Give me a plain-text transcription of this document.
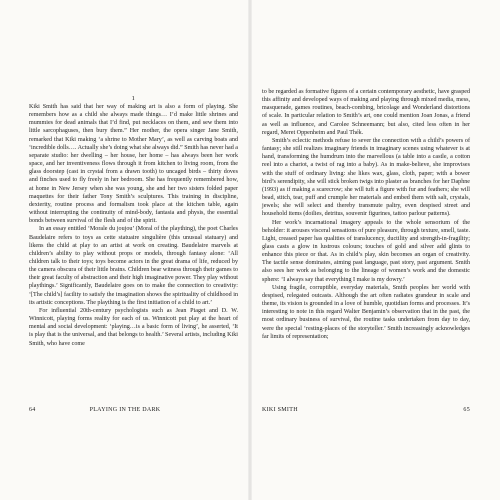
1

Kiki Smith has said that her way of making art is also a form of playing. She remembers how as a child she always made things… I’d make little shrines and mummies for dead animals that I’d find, put necklaces on them, and sew them into little sarcophaguses, then bury them.” Her mother, the opera singer Jane Smith, remarked that Kiki making ‘a shrine to Mother Mary’, as well as carving boats and ‘incredible dolls…. Actually she’s doing what she always did.” Smith has never had a separate studio: her dwelling – her house, her home – has always been her work space, and her inventiveness flows through it from kitchen to living room, from the glass doorstep (cast in crystal from a drawn tooth) to uncaged birds – thirty doves and finches used to fly freely in her bedroom. She has frequently remembered how, at home in New Jersey when she was young, she and her two sisters folded paper maquettes for their father Tony Smith’s sculptures. This training in discipline, dexterity, routine process and formalism took place at the kitchen table, again without interrupting the continuity of mind-body, fantasia and physis, the essential bonds between survival of the flesh and of the spirit.

In an essay entitled ‘Morale du joujou’ (Moral of the plaything), the poet Charles Baudelaire refers to toys as cette statuaire singulière (this unusual statuary) and likens the child at play to an artist at work on creating. Baudelaire marvels at children’s ability to play without props or models, through fantasy alone: ‘All children talk to their toys; toys become actors in the great drama of life, reduced by the camera obscura of their little brains. Children bear witness through their games to their great faculty of abstraction and their high imaginative power. They play without playthings.’ Significantly, Baudelaire goes on to make the connection to creativity: ‘[The child’s] facility to satisfy the imagination shows the spirituality of childhood in its artistic conceptions. The plaything is the first initiation of a child to art.’

For influential 20th-century psychologists such as Jean Piaget and D. W. Winnicott, playing forms reality for each of us. Winnicott put play at the heart of mental and social development: ‘playing…is a basic form of living’, he asserted, ‘It is play that is the universal, and that belongs to health.’ Several artists, including Kiki Smith, who have come

64	PLAYING IN THE DARK

to be regarded as formative figures of a certain contemporary aesthetic, have grasped this affinity and developed ways of making and playing through mixed media, mess, masquerade, games routines, beach-combing, bricolage and Wonderland distortions of scale. In particular relation to Smith’s art, one could mention Joan Jonas, a friend as well as influence, and Carolee Schneemann; but also, cited less often in her regard, Meret Oppenheim and Paul Thék.

Smith’s eclectic methods refuse to sever the connection with a child’s powers of fantasy; she still realizes imaginary friends in imaginary scenes using whatever is at hand, transforming the humdrum into the marvellous (a table into a castle, a cotton reel into a chariot, a twist of rag into a baby). As in make-believe, she improvises with the stuff of ordinary living: she likes wax, glass, cloth, paper; with a bower bird’s serendipity, she will stick broken twigs into plaster as branches for her Daphne (1993) as if making a scarecrow; she will tuft a figure with fur and feathers; she will bead, stitch, tear, puff and crumple her materials and embed them with salt, crystals, jewels; she will select and thereby transmute paltry, even despised street and household items (doilies, detritus, souvenir figurines, tattoo parlour patterns).

Her work’s incarnational imagery appeals to the whole sensorium of the beholder: it arouses visceral sensations of pure pleasure, through texture, smell, taste. Light, creased paper has qualities of translucency, ductility and strength-in-fragility; glass casts a glow in lustrous colours; touches of gold and silver add glints to enhance this piece or that. As in child’s play, skin becomes an organ of creativity. The tactile sense dominates, aiming past language, past story, past argument. Smith also sees her work as belonging to the lineage of women’s work and the domestic sphere: ‘I always say that everything I make is my dowry.’

Using fragile, corruptible, everyday materials, Smith peoples her world with despised, relegated outcasts. Although the art often radiates grandeur in scale and theme, its vision is grounded in a love of humble, quotidian forms and processes. It’s interesting to note in this regard Walter Benjamin’s observation that in the past, the most ordinary business of survival, the routine tasks undertaken from day to day, were the special ‘resting-places of the storyteller.’ Smith increasingly acknowledges far limits of representation;

KIKI SMITH	65
